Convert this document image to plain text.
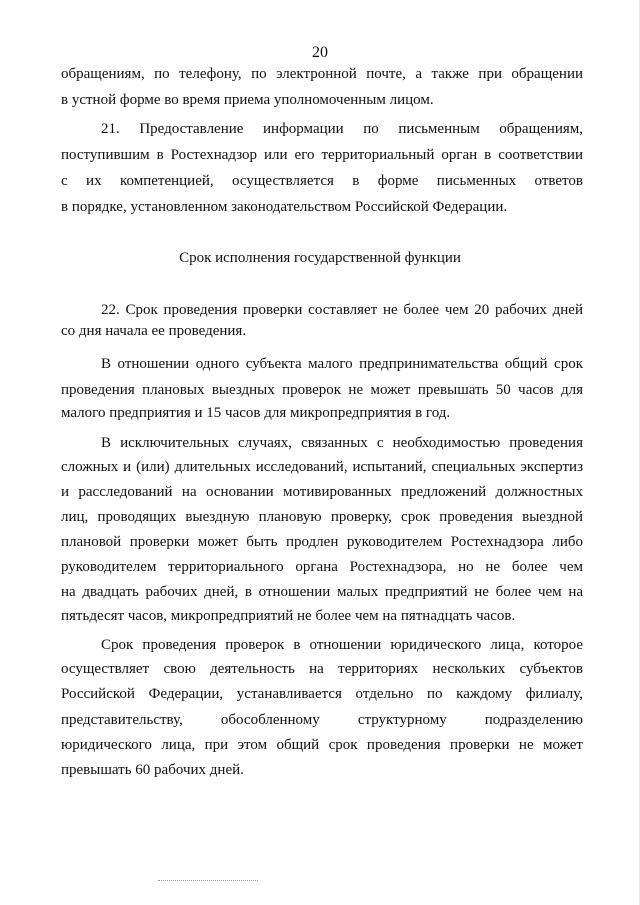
20
обращениям, по телефону, по электронной почте, а также при обращении
в устной форме во время приема уполномоченным лицом.
21. Предоставление информации по письменным обращениям,
поступившим в Ростехнадзор или его территориальный орган в соответствии
с их компетенцией, осуществляется в форме письменных ответов
в порядке, установленном законодательством Российской Федерации.
Срок исполнения государственной функции
22. Срок проведения проверки составляет не более чем 20 рабочих дней
со дня начала ее проведения.
В отношении одного субъекта малого предпринимательства общий срок
проведения плановых выездных проверок не может превышать 50 часов для
малого предприятия и 15 часов для микропредприятия в год.
В исключительных случаях, связанных с необходимостью проведения
сложных и (или) длительных исследований, испытаний, специальных экспертиз
и расследований на основании мотивированных предложений должностных
лиц, проводящих выездную плановую проверку, срок проведения выездной
плановой проверки может быть продлен руководителем Ростехнадзора либо
руководителем территориального органа Ростехнадзора, но не более чем
на двадцать рабочих дней, в отношении малых предприятий не более чем на
пятьдесят часов, микропредприятий не более чем на пятнадцать часов.
Срок проведения проверок в отношении юридического лица, которое
осуществляет свою деятельность на территориях нескольких субъектов
Российской Федерации, устанавливается отдельно по каждому филиалу,
представительству, обособленному структурному подразделению
юридического лица, при этом общий срок проведения проверки не может
превышать 60 рабочих дней.
